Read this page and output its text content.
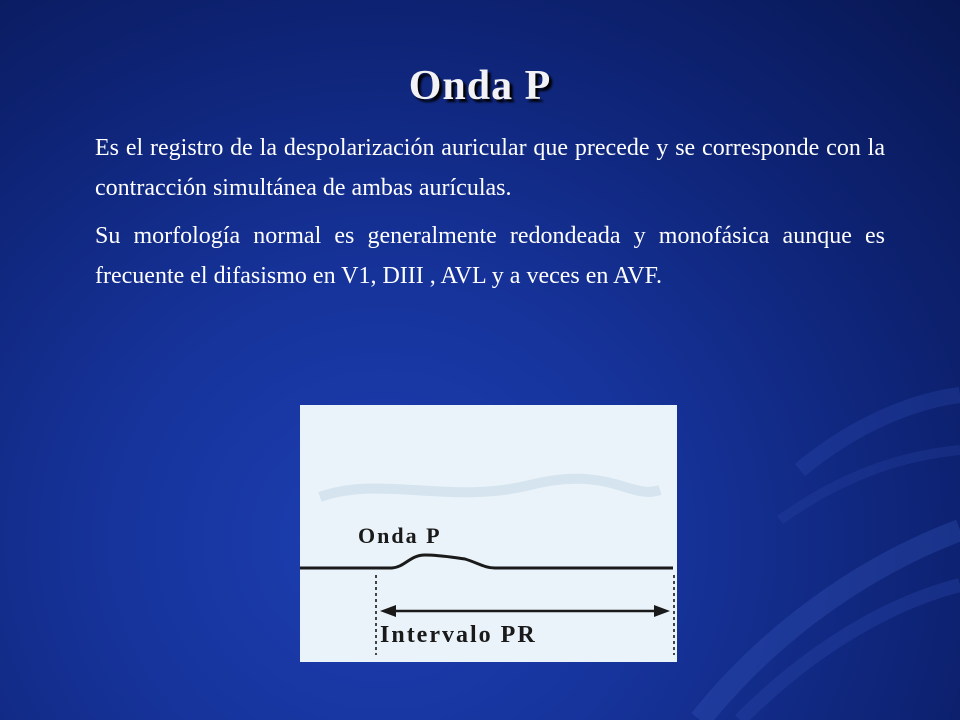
Onda P

Es el registro de la despolarización auricular que precede y se corresponde con la contracción simultánea de ambas aurículas.

Su morfología normal es generalmente redondeada y monofásica aunque es frecuente el difasismo en V1, DIII , AVL y a veces en AVF.

Onda P
Intervalo PR
